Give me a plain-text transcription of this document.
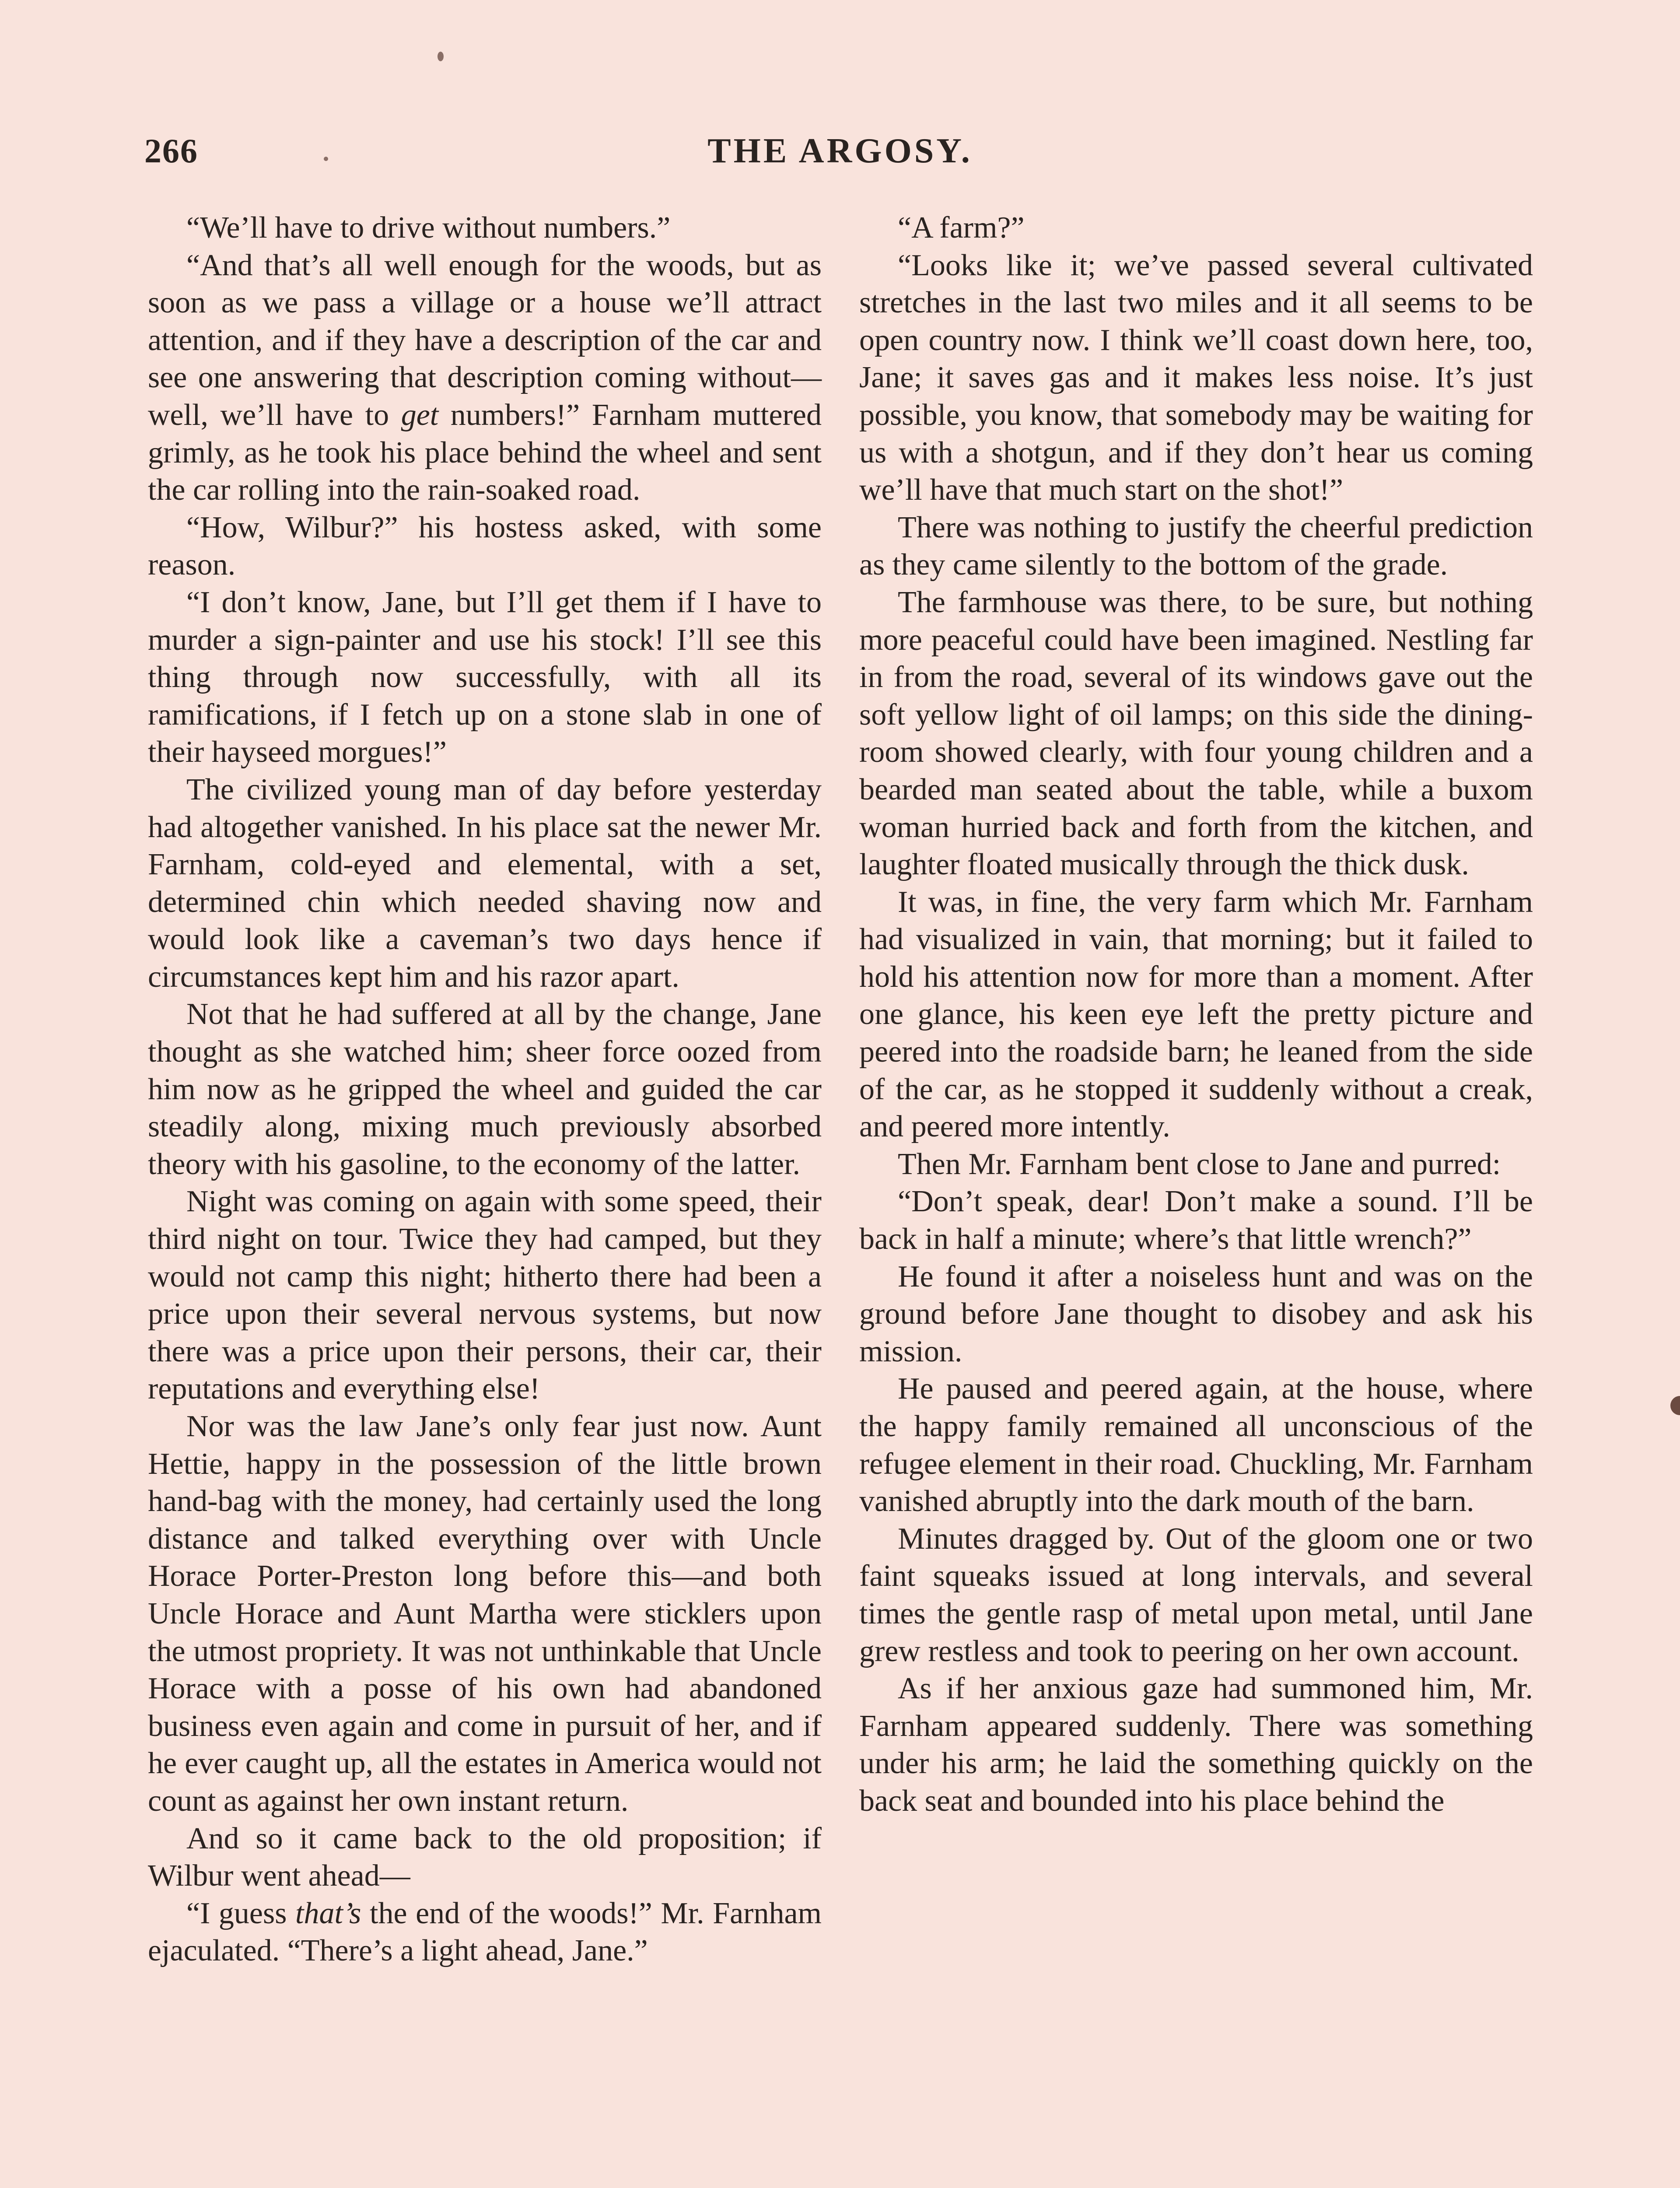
266	THE ARGOSY.

“We’ll have to drive without numbers.”

“And that’s all well enough for the woods, but as soon as we pass a village or a house we’ll attract attention, and if they have a description of the car and see one answering that description coming without—well, we’ll have to get numbers!” Farnham muttered grimly, as he took his place behind the wheel and sent the car rolling into the rain-soaked road.

“How, Wilbur?” his hostess asked, with some reason.

“I don’t know, Jane, but I’ll get them if I have to murder a sign-painter and use his stock! I’ll see this thing through now successfully, with all its ramifications, if I fetch up on a stone slab in one of their hayseed morgues!”

The civilized young man of day before yesterday had altogether vanished. In his place sat the newer Mr. Farnham, cold-eyed and elemental, with a set, determined chin which needed shaving now and would look like a caveman’s two days hence if circumstances kept him and his razor apart.

Not that he had suffered at all by the change, Jane thought as she watched him; sheer force oozed from him now as he gripped the wheel and guided the car steadily along, mixing much previously absorbed theory with his gasoline, to the economy of the latter.

Night was coming on again with some speed, their third night on tour. Twice they had camped, but they would not camp this night; hitherto there had been a price upon their several nervous systems, but now there was a price upon their persons, their car, their reputations and everything else!

Nor was the law Jane’s only fear just now. Aunt Hettie, happy in the possession of the little brown hand-bag with the money, had certainly used the long distance and talked everything over with Uncle Horace Porter-Preston long before this—and both Uncle Horace and Aunt Martha were sticklers upon the utmost propriety. It was not unthinkable that Uncle Horace with a posse of his own had abandoned business even again and come in pursuit of her, and if he ever caught up, all the estates in America would not count as against her own instant return.

And so it came back to the old proposition; if Wilbur went ahead—

“I guess that’s the end of the woods!” Mr. Farnham ejaculated. “There’s a light ahead, Jane.”

“A farm?”

“Looks like it; we’ve passed several cultivated stretches in the last two miles and it all seems to be open country now. I think we’ll coast down here, too, Jane; it saves gas and it makes less noise. It’s just possible, you know, that somebody may be waiting for us with a shotgun, and if they don’t hear us coming we’ll have that much start on the shot!”

There was nothing to justify the cheerful prediction as they came silently to the bottom of the grade.

The farmhouse was there, to be sure, but nothing more peaceful could have been imagined. Nestling far in from the road, several of its windows gave out the soft yellow light of oil lamps; on this side the dining-room showed clearly, with four young children and a bearded man seated about the table, while a buxom woman hurried back and forth from the kitchen, and laughter floated musically through the thick dusk.

It was, in fine, the very farm which Mr. Farnham had visualized in vain, that morning; but it failed to hold his attention now for more than a moment. After one glance, his keen eye left the pretty picture and peered into the roadside barn; he leaned from the side of the car, as he stopped it suddenly without a creak, and peered more intently.

Then Mr. Farnham bent close to Jane and purred:

“Don’t speak, dear! Don’t make a sound. I’ll be back in half a minute; where’s that little wrench?”

He found it after a noiseless hunt and was on the ground before Jane thought to disobey and ask his mission.

He paused and peered again, at the house, where the happy family remained all unconscious of the refugee element in their road. Chuckling, Mr. Farnham vanished abruptly into the dark mouth of the barn.

Minutes dragged by. Out of the gloom one or two faint squeaks issued at long intervals, and several times the gentle rasp of metal upon metal, until Jane grew restless and took to peering on her own account.

As if her anxious gaze had summoned him, Mr. Farnham appeared suddenly. There was something under his arm; he laid the something quickly on the back seat and bounded into his place behind the
